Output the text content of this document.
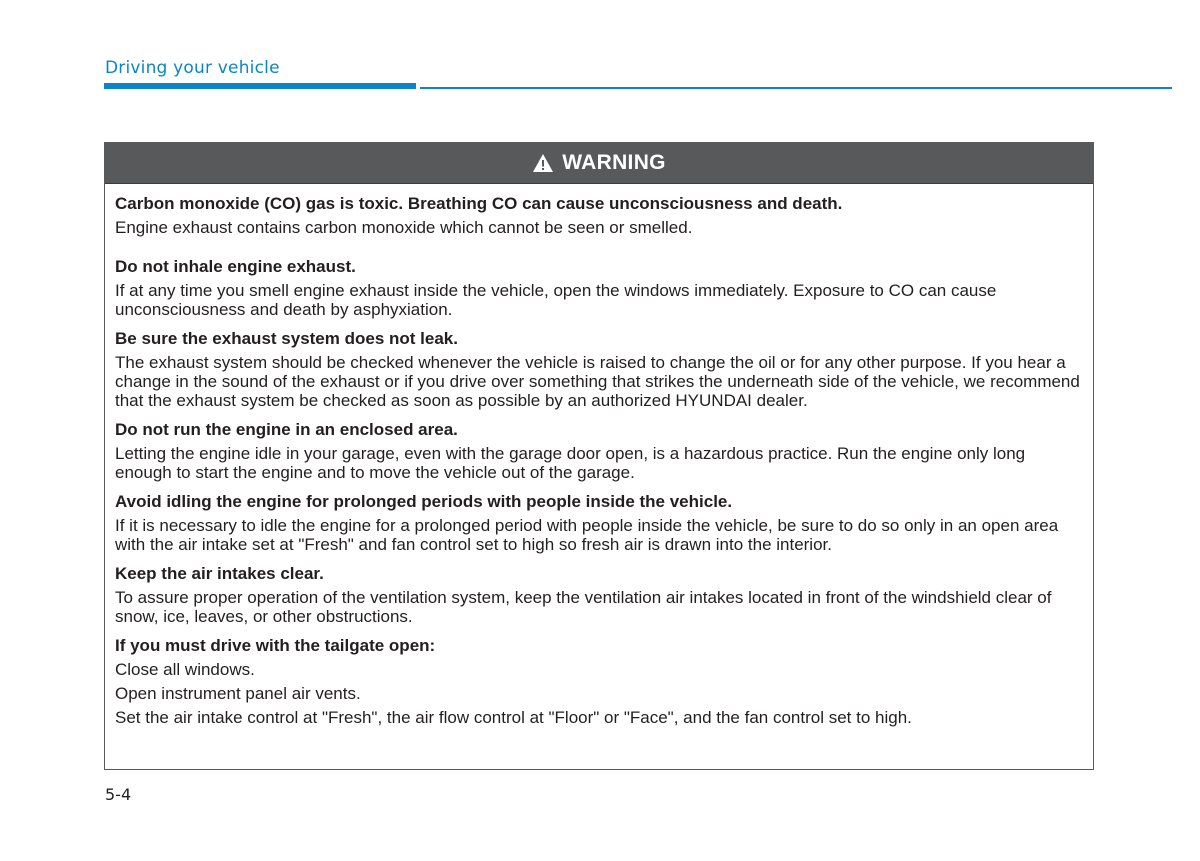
Driving your vehicle
WARNING
Carbon monoxide (CO) gas is toxic. Breathing CO can cause unconsciousness and death.

Engine exhaust contains carbon monoxide which cannot be seen or smelled.

Do not inhale engine exhaust.

If at any time you smell engine exhaust inside the vehicle, open the windows immediately. Exposure to CO can cause unconsciousness and death by asphyxiation.

Be sure the exhaust system does not leak.

The exhaust system should be checked whenever the vehicle is raised to change the oil or for any other purpose. If you hear a change in the sound of the exhaust or if you drive over something that strikes the underneath side of the vehicle, we recommend that the exhaust system be checked as soon as possible by an authorized HYUNDAI dealer.

Do not run the engine in an enclosed area.

Letting the engine idle in your garage, even with the garage door open, is a hazardous practice. Run the engine only long enough to start the engine and to move the vehicle out of the garage.

Avoid idling the engine for prolonged periods with people inside the vehicle.

If it is necessary to idle the engine for a prolonged period with people inside the vehicle, be sure to do so only in an open area with the air intake set at "Fresh" and fan control set to high so fresh air is drawn into the interior.

Keep the air intakes clear.

To assure proper operation of the ventilation system, keep the ventilation air intakes located in front of the windshield clear of snow, ice, leaves, or other obstructions.

If you must drive with the tailgate open:

Close all windows.

Open instrument panel air vents.

Set the air intake control at "Fresh", the air flow control at "Floor" or "Face", and the fan control set to high.

5-4
